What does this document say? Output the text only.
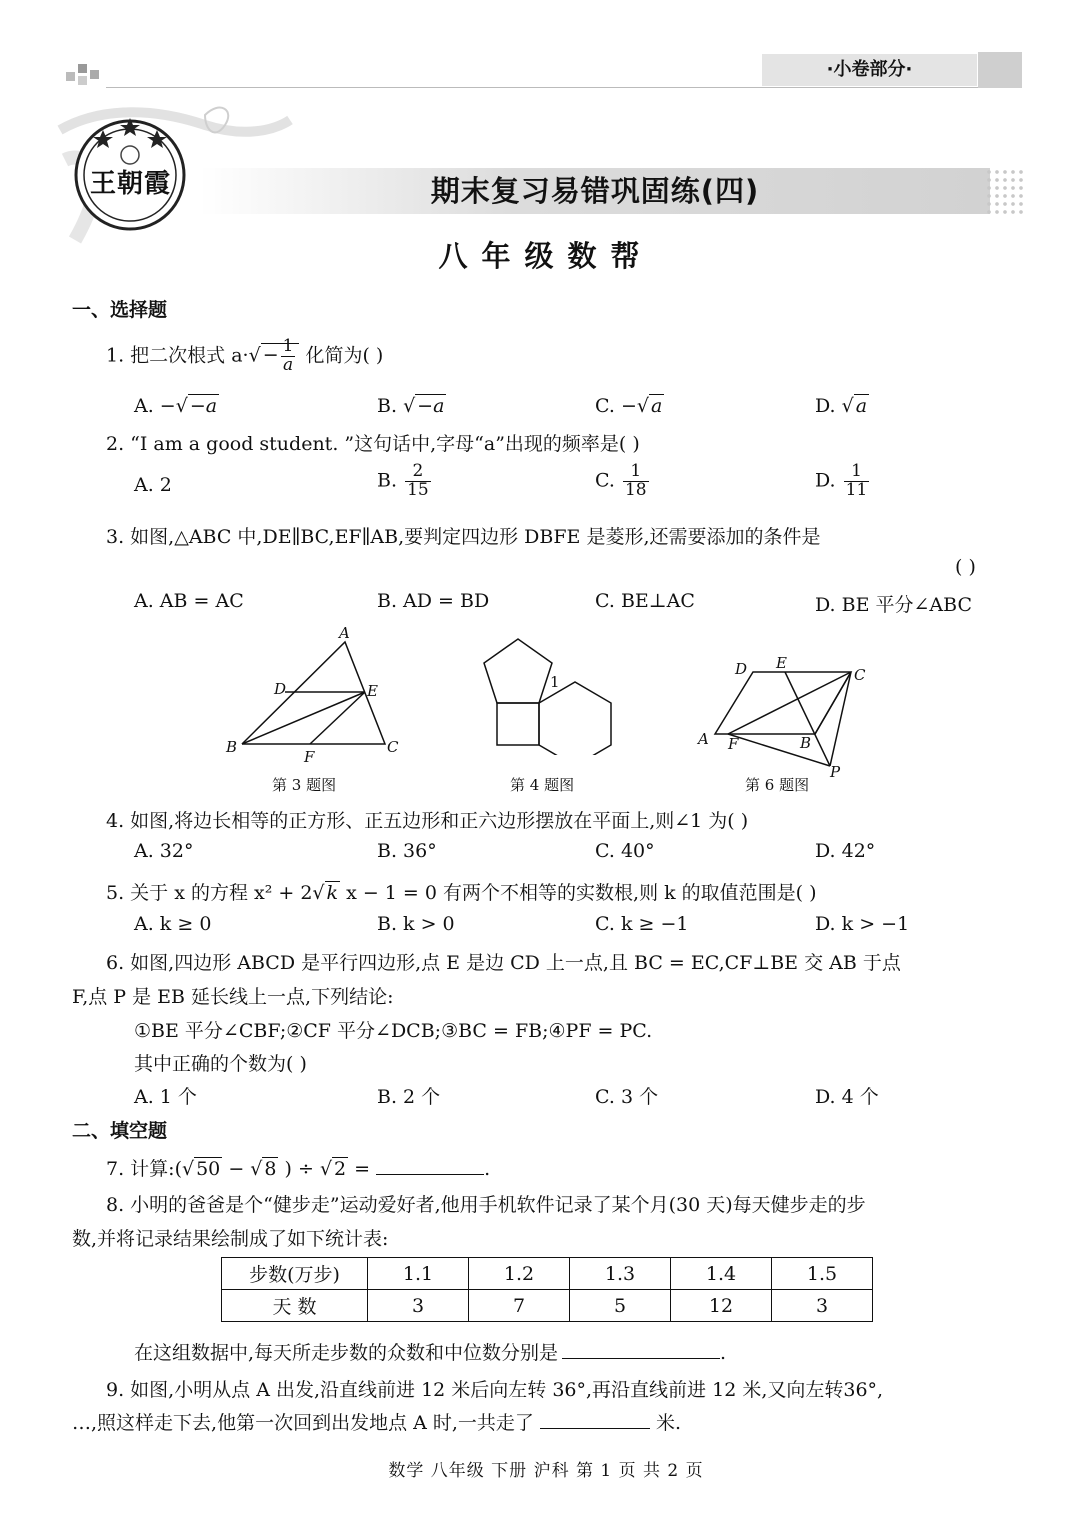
·小卷部分·
王朝霞	期末复习易错巩固练(四)
八年级数帮
一、选择题
1. 把二次根式 $a\cdot√ - \frac{1}{a}$ 化简为( )
A. −√ −a	B. √ −a	C. −√ a	D. √ a
2. “I am a good student. ”这句话中,字母“a”出现的频率是( )
A. 2	B. $\frac{2}{15}$	C. $\frac{1}{18}$	D. $\frac{1}{11}$
3. 如图,△ABC 中,DE∥BC,EF∥AB,要判定四边形 DBFE 是菱形,还需要添加的条件是
( )
A. AB = AC	B. AD = BD	C. BE⊥AC	D. BE 平分∠ABC
A
D	E
B
F
C
第 3 题图
1
第 4 题图
D E
C
A F	B
P
第 6 题图
4. 如图,将边长相等的正方形、正五边形和正六边形摆放在平面上,则∠1 为( )
A. 32°	B. 36°	C. 40°	D. 42°
5. 关于 x 的方程 x² + 2√ k x − 1 = 0 有两个不相等的实数根,则 k 的取值范围是( )
A. k ≥ 0	B. k > 0	C. k ≥ −1	D. k > −1
6. 如图,四边形 ABCD 是平行四边形,点 E 是边 CD 上一点,且 BC = EC,CF⊥BE 交 AB 于点
F,点 P 是 EB 延长线上一点,下列结论:
①BE 平分∠CBF;②CF 平分∠DCB;③BC = FB;④PF = PC.
其中正确的个数为( )
A. 1 个	B. 2 个	C. 3 个	D. 4 个
二、填空题
7. 计算:(√ 50 − √ 8 ) ÷ √ 2 =	.
8. 小明的爸爸是个“健步走”运动爱好者,他用手机软件记录了某个月(30 天)每天健步走的步
数,并将记录结果绘制成了如下统计表:
步数(万步)	1.1	1.2	1.3	1.4	1.5
天 数	3	7	5	12	3
在这组数据中,每天所走步数的众数和中位数分别是	.
9. 如图,小明从点 A 出发,沿直线前进 12 米后向左转 36°,再沿直线前进 12 米,又向左转36°,
…,照这样走下去,他第一次回到出发地点 A 时,一共走了	米.
数学 八年级 下册 沪科 第 1 页 共 2 页
